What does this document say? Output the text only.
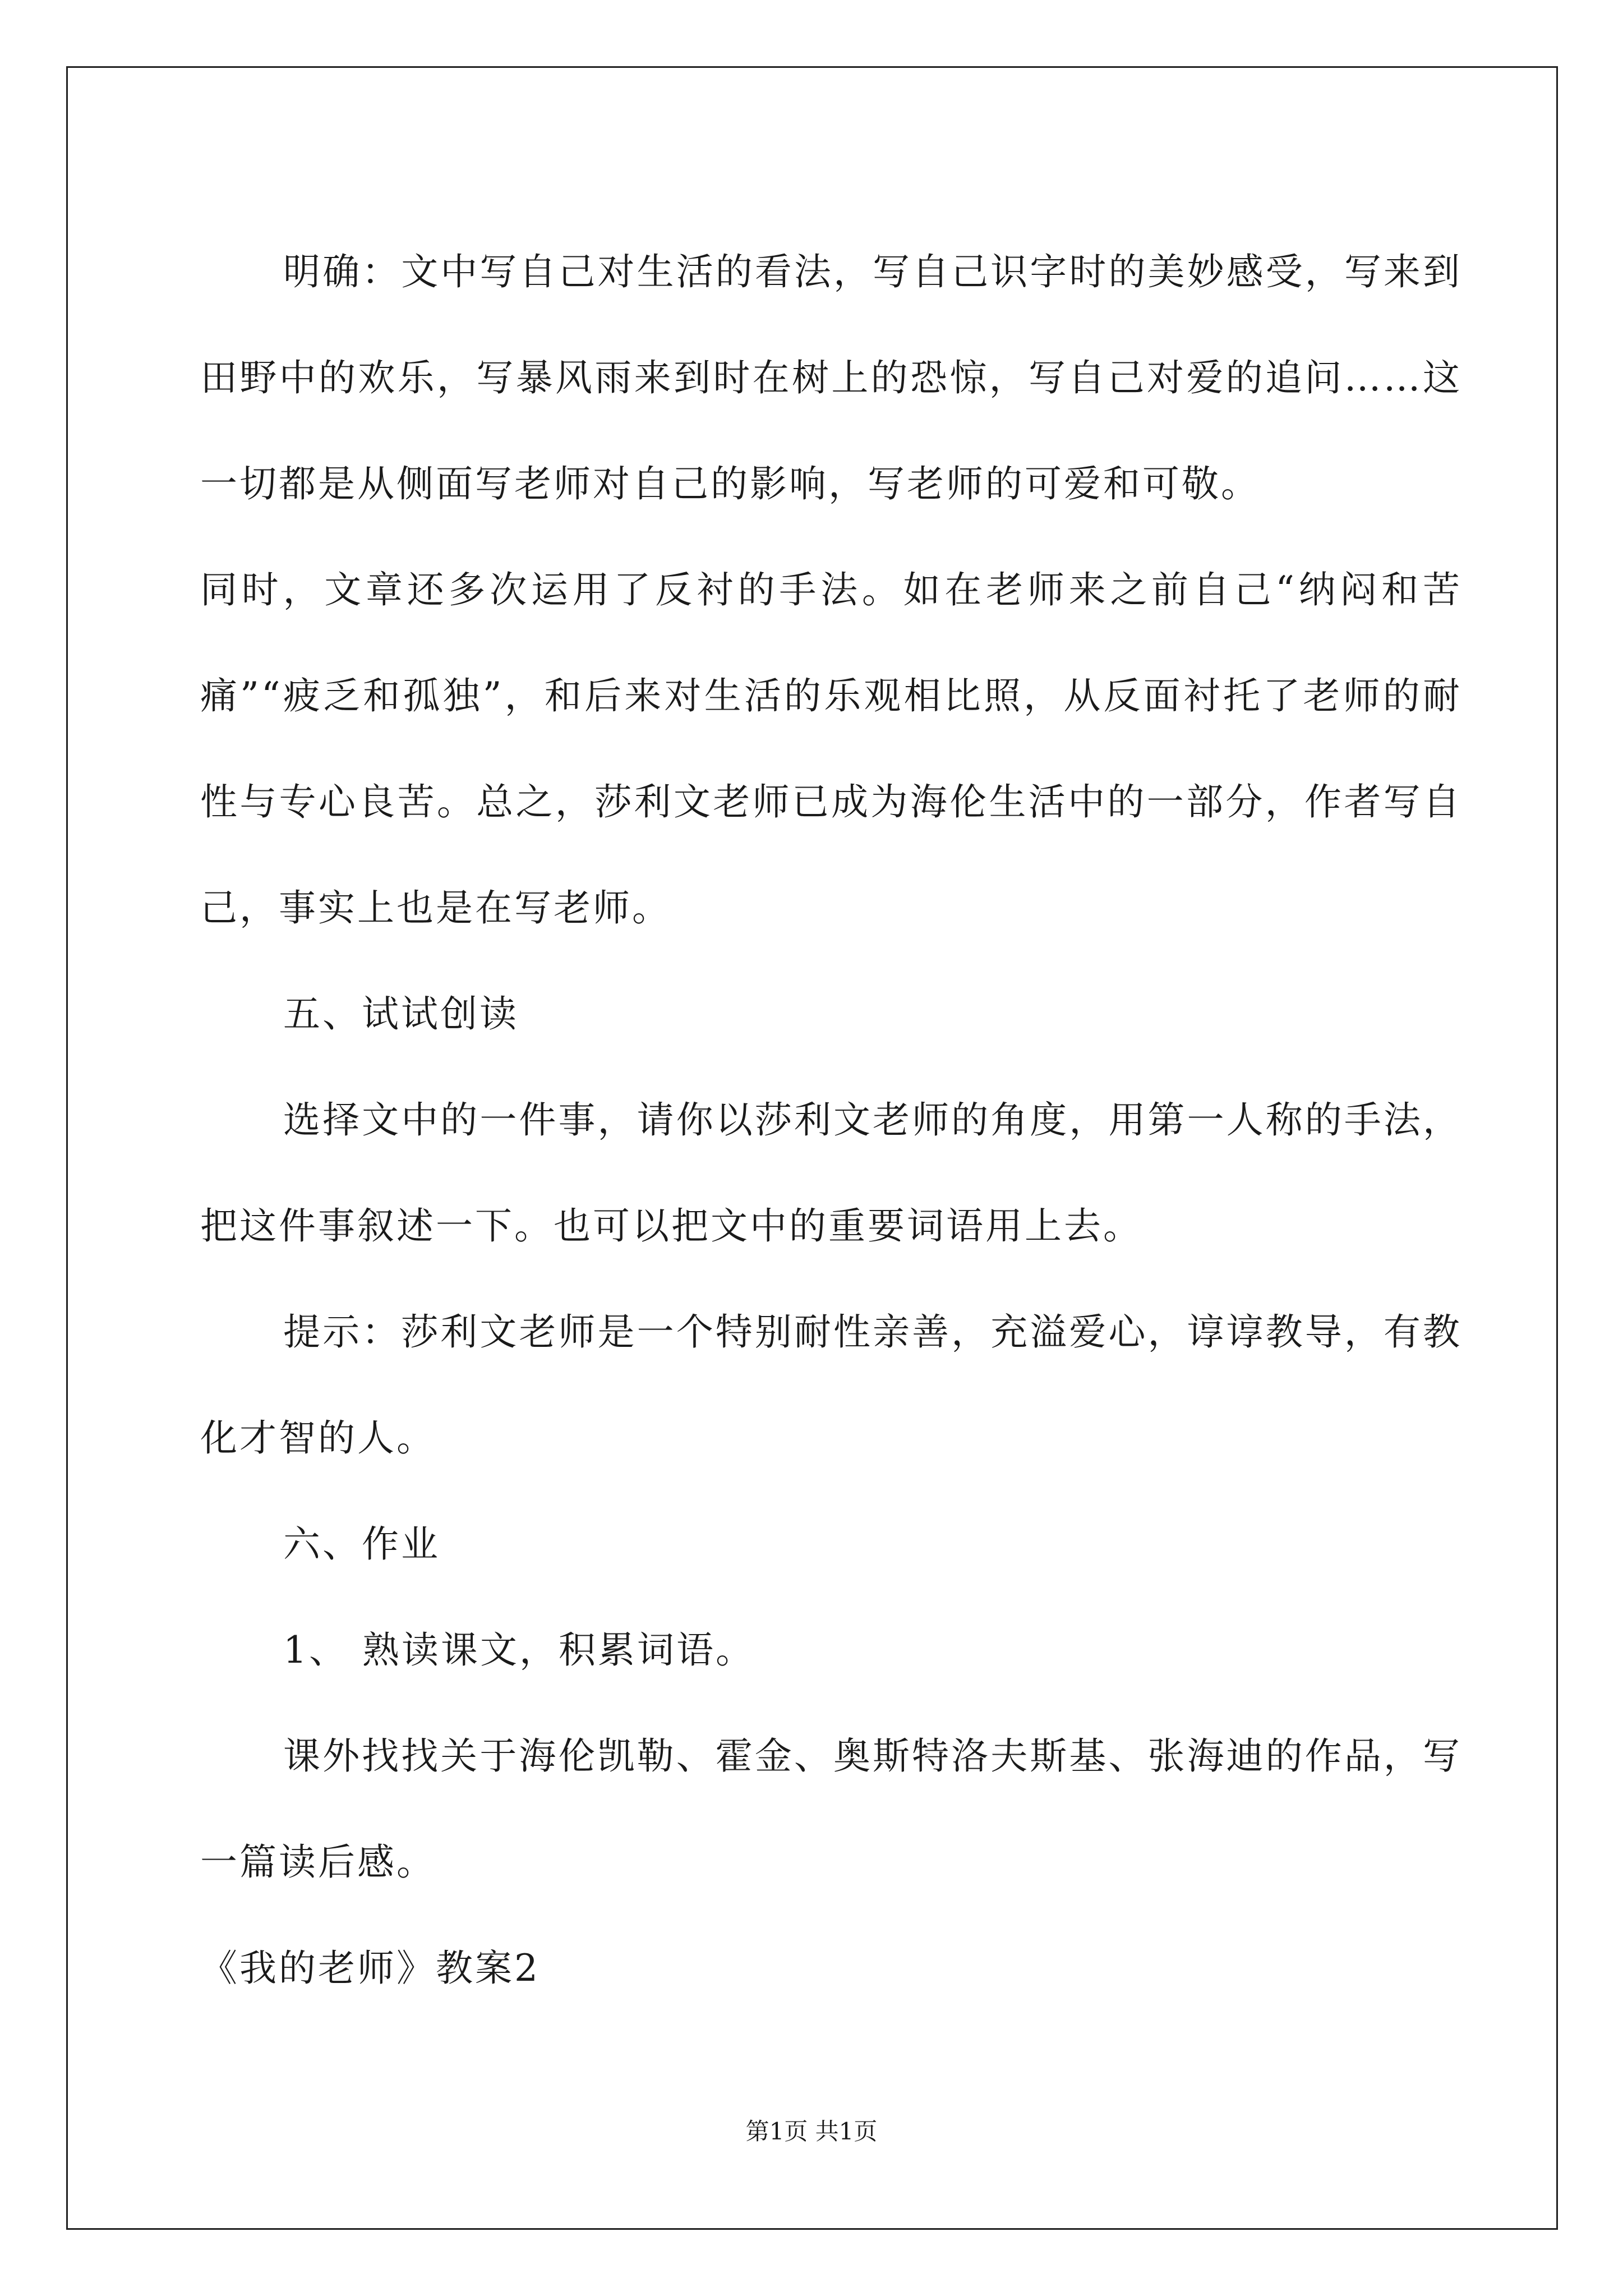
明确：文中写自己对生活的看法，写自己识字时的美妙感受，写来到田野中的欢乐，写暴风雨来到时在树上的恐惊，写自己对爱的追问……这一切都是从侧面写老师对自己的影响，写老师的可爱和可敬。

同时，文章还多次运用了反衬的手法。如在老师来之前自己“纳闷和苦痛”“疲乏和孤独”，和后来对生活的乐观相比照，从反面衬托了老师的耐性与专心良苦。总之，莎利文老师已成为海伦生活中的一部分，作者写自己，事实上也是在写老师。

五、试试创读

选择文中的一件事，请你以莎利文老师的角度，用第一人称的手法，把这件事叙述一下。也可以把文中的重要词语用上去。

提示：莎利文老师是一个特别耐性亲善，充溢爱心，谆谆教导，有教化才智的人。

六、作业

1、 熟读课文，积累词语。

课外找找关于海伦凯勒、霍金、奥斯特洛夫斯基、张海迪的作品，写一篇读后感。

《我的老师》教案2

第1页 共1页
